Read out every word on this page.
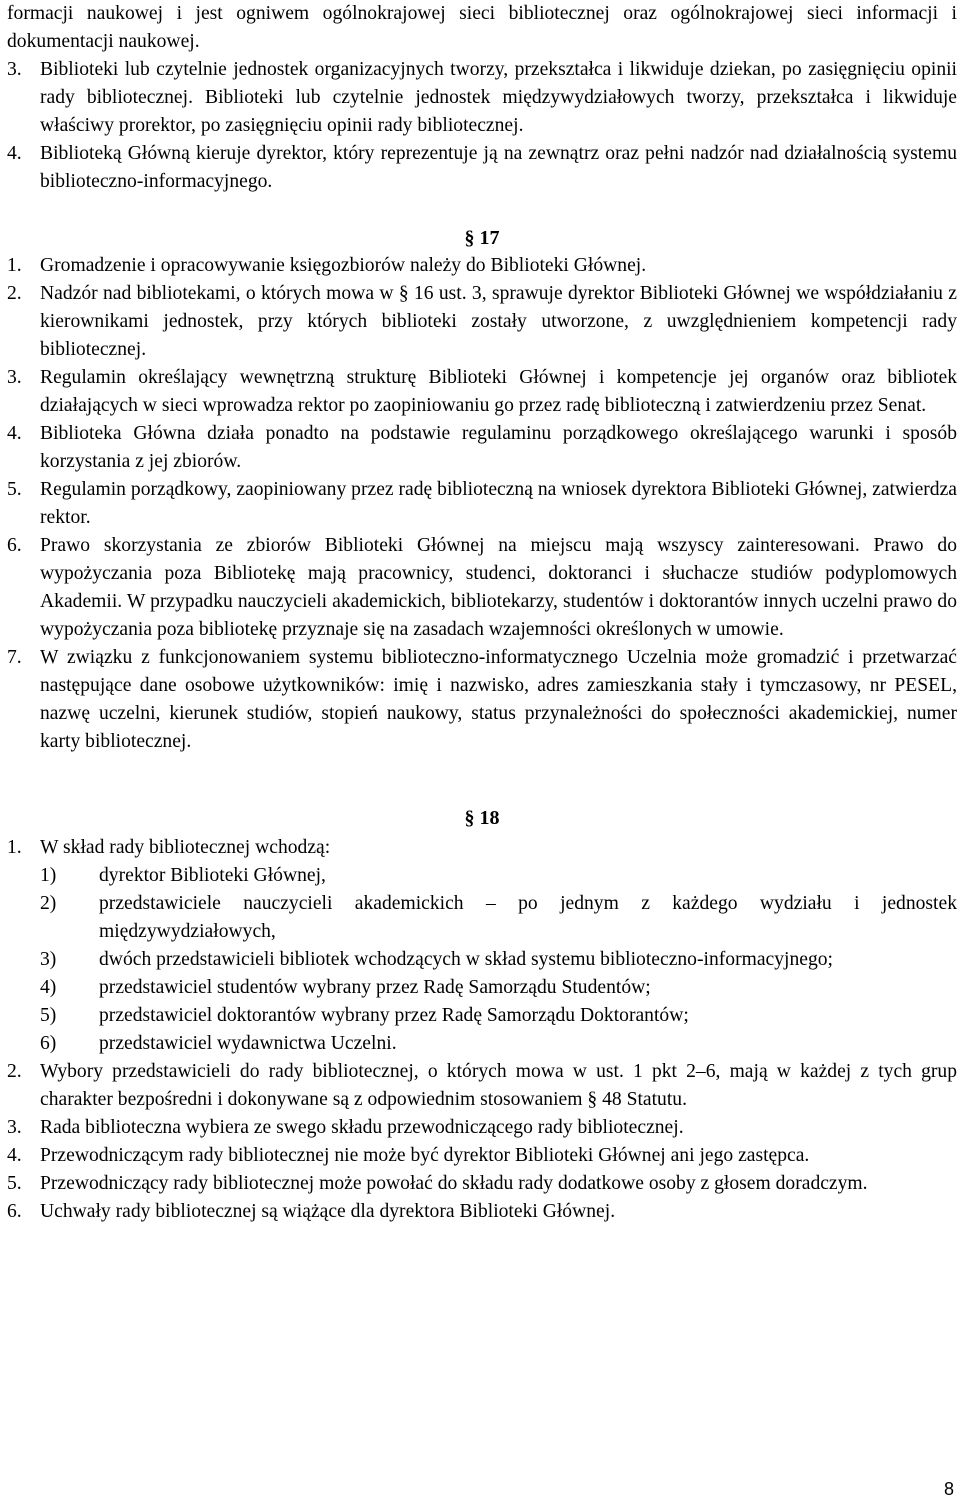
formacji naukowej i jest ogniwem ogólnokrajowej sieci bibliotecznej oraz ogólnokrajowej sieci informacji i dokumentacji naukowej.
3. Biblioteki lub czytelnie jednostek organizacyjnych tworzy, przekształca i likwiduje dziekan, po zasięgnięciu opinii rady bibliotecznej. Biblioteki lub czytelnie jednostek międzywydziałowych tworzy, przekształca i likwiduje właściwy prorektor, po zasięgnięciu opinii rady bibliotecznej.
4. Biblioteką Główną kieruje dyrektor, który reprezentuje ją na zewnątrz oraz pełni nadzór nad działalnością systemu biblioteczno-informacyjnego.
§ 17
1. Gromadzenie i opracowywanie księgozbiorów należy do Biblioteki Głównej.
2. Nadzór nad bibliotekami, o których mowa w § 16 ust. 3, sprawuje dyrektor Biblioteki Głównej we współdziałaniu z kierownikami jednostek, przy których biblioteki zostały utworzone, z uwzględnieniem kompetencji rady bibliotecznej.
3. Regulamin określający wewnętrzną strukturę Biblioteki Głównej i kompetencje jej organów oraz bibliotek działających w sieci wprowadza rektor po zaopiniowaniu go przez radę biblioteczną i zatwierdzeniu przez Senat.
4. Biblioteka Główna działa ponadto na podstawie regulaminu porządkowego określającego warunki i sposób korzystania z jej zbiorów.
5. Regulamin porządkowy, zaopiniowany przez radę biblioteczną na wniosek dyrektora Biblioteki Głównej, zatwierdza rektor.
6. Prawo skorzystania ze zbiorów Biblioteki Głównej na miejscu mają wszyscy zainteresowani. Prawo do wypożyczania poza Bibliotekę mają pracownicy, studenci, doktoranci i słuchacze studiów podyplomowych Akademii. W przypadku nauczycieli akademickich, bibliotekarzy, studentów i doktorantów innych uczelni prawo do wypożyczania poza bibliotekę przyznaje się na zasadach wzajemności określonych w umowie.
7. W związku z funkcjonowaniem systemu biblioteczno-informatycznego Uczelnia może gromadzić i przetwarzać następujące dane osobowe użytkowników: imię i nazwisko, adres zamieszkania stały i tymczasowy, nr PESEL, nazwę uczelni, kierunek studiów, stopień naukowy, status przynależności do społeczności akademickiej, numer karty bibliotecznej.
§ 18
1. W skład rady bibliotecznej wchodzą:
1)	dyrektor Biblioteki Głównej,
2)	przedstawiciele nauczycieli akademickich – po jednym z każdego wydziału i jednostek międzywydziałowych,
3)	dwóch przedstawicieli bibliotek wchodzących w skład systemu biblioteczno-informacyjnego;
4)	przedstawiciel studentów wybrany przez Radę Samorządu Studentów;
5)	przedstawiciel doktorantów wybrany przez Radę Samorządu Doktorantów;
6)	przedstawiciel wydawnictwa Uczelni.
2. Wybory przedstawicieli do rady bibliotecznej, o których mowa w ust. 1 pkt 2–6, mają w każdej z tych grup charakter bezpośredni i dokonywane są z odpowiednim stosowaniem § 48 Statutu.
3. Rada biblioteczna wybiera ze swego składu przewodniczącego rady bibliotecznej.
4. Przewodniczącym rady bibliotecznej nie może być dyrektor Biblioteki Głównej ani jego zastępca.
5. Przewodniczący rady bibliotecznej może powołać do składu rady dodatkowe osoby z głosem doradczym.
6. Uchwały rady bibliotecznej są wiążące dla dyrektora Biblioteki Głównej.
8
